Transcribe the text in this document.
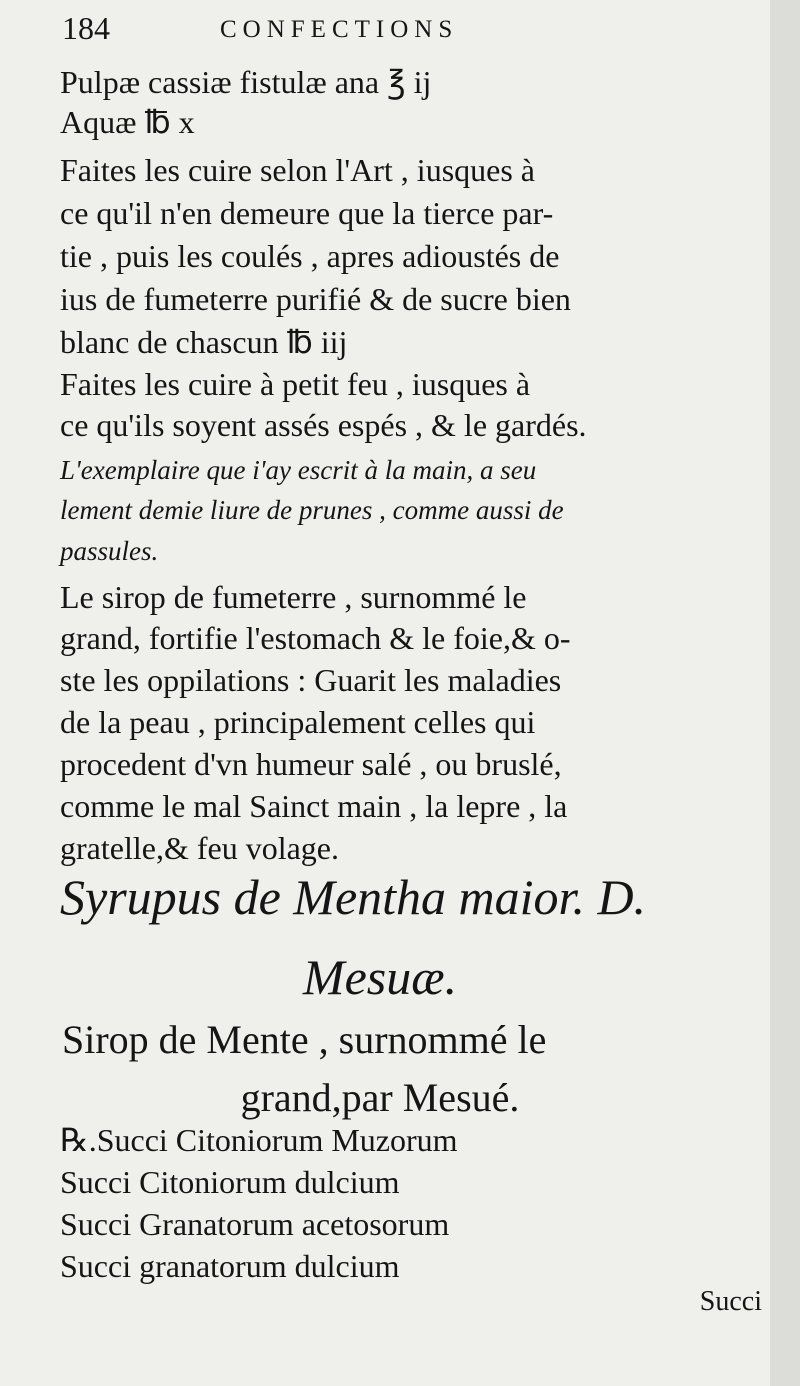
184	CONFECTIONS
Pulpæ cassiæ fistulæ ana ℥ ij
Aquæ ℔ x
Faites les cuire selon l'Art , iusques à
ce qu'il n'en demeure que la tierce par-
tie , puis les coulés , apres adioustés de
ius de fumeterre purifié & de sucre bien
blanc de chascun ℔ iij
Faites les cuire à petit feu , iusques à
ce qu'ils soyent assés espés , & le gardés.
L'exemplaire que i'ay escrit à la main, a seu
lement demie liure de prunes , comme aussi de
passules.
Le sirop de fumeterre , surnommé le
grand, fortifie l'estomach & le foie,& o-
ste les oppilations : Guarit les maladies
de la peau , principalement celles qui
procedent d'vn humeur salé , ou bruslé,
comme le mal Sainct main , la lepre , la
gratelle,& feu volage.
Syrupus de Mentha maior. D.
Mesuæ.
Sirop de Mente , surnommé le
grand,par Mesué.
℞.Succi Citoniorum Muzorum
Succi Citoniorum dulcium
Succi Granatorum acetosorum
Succi granatorum dulcium
Succi
